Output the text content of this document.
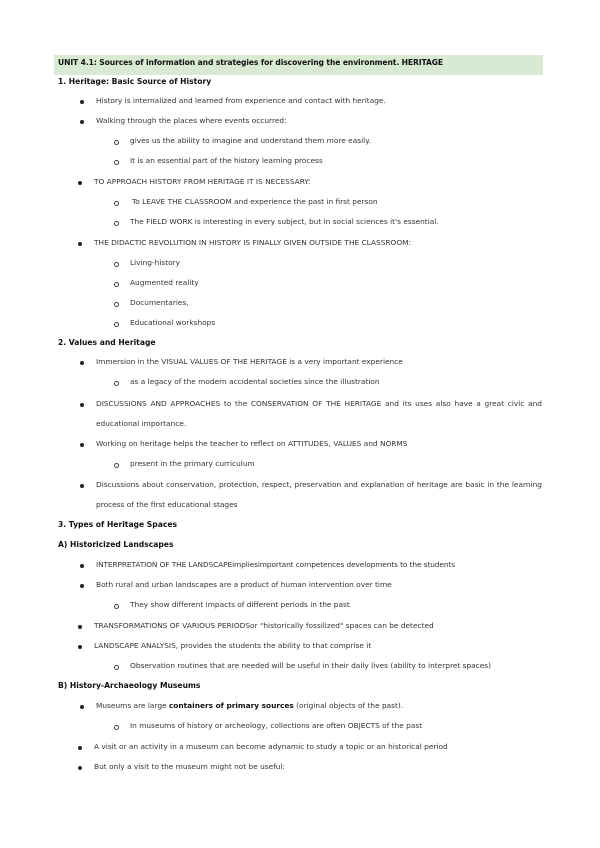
UNIT 4.1: Sources of information and strategies for discovering the environment. HERITAGE
1. Heritage: Basic Source of History
History is internalized and learned from experience and contact with heritage.
Walking through the places where events occurred:
gives us the ability to imagine and understand them more easily.
It is an essential part of the history learning process
TO APPROACH HISTORY FROM HERITAGE IT IS NECESSARY:
To LEAVE THE CLASSROOM and experience the past in first person
The FIELD WORK is interesting in every subject, but in social sciences it's essential.
THE DIDACTIC REVOLUTION IN HISTORY IS FINALLY GIVEN OUTSIDE THE CLASSROOM:
Living-history
Augmented reality
Documentaries,
Educational workshops
2. Values and Heritage
Immersion in the VISUAL VALUES OF THE HERITAGE is a very important experience
as a legacy of the modern accidental societies since the illustration
DISCUSSIONS AND APPROACHES to the CONSERVATION OF THE HERITAGE and its uses also have a great civic and
educational importance.
Working on heritage helps the teacher to reflect on ATTITUDES, VALUES and NORMS
present in the primary curriculum
Discussions about conservation, protection, respect, preservation and explanation of heritage are basic in the learning
process of the first educational stages
3. Types of Heritage Spaces
A) Historicized Landscapes
INTERPRETATION OF THE LANDSCAPEimpliesimportant competences developments to the students
Both rural and urban landscapes are a product of human intervention over time
They show different impacts of different periods in the past
TRANSFORMATIONS OF VARIOUS PERIODSor "historically fossilized" spaces can be detected
LANDSCAPE ANALYSIS, provides the students the ability to that comprise it
Observation routines that are needed will be useful in their daily lives (ability to interpret spaces)
B) History-Archaeology Museums
Museums are large containers of primary sources (original objects of the past).
In museums of history or archeology, collections are often OBJECTS of the past
A visit or an activity in a museum can become adynamic to study a topic or an historical period
But only a visit to the museum might not be useful:
